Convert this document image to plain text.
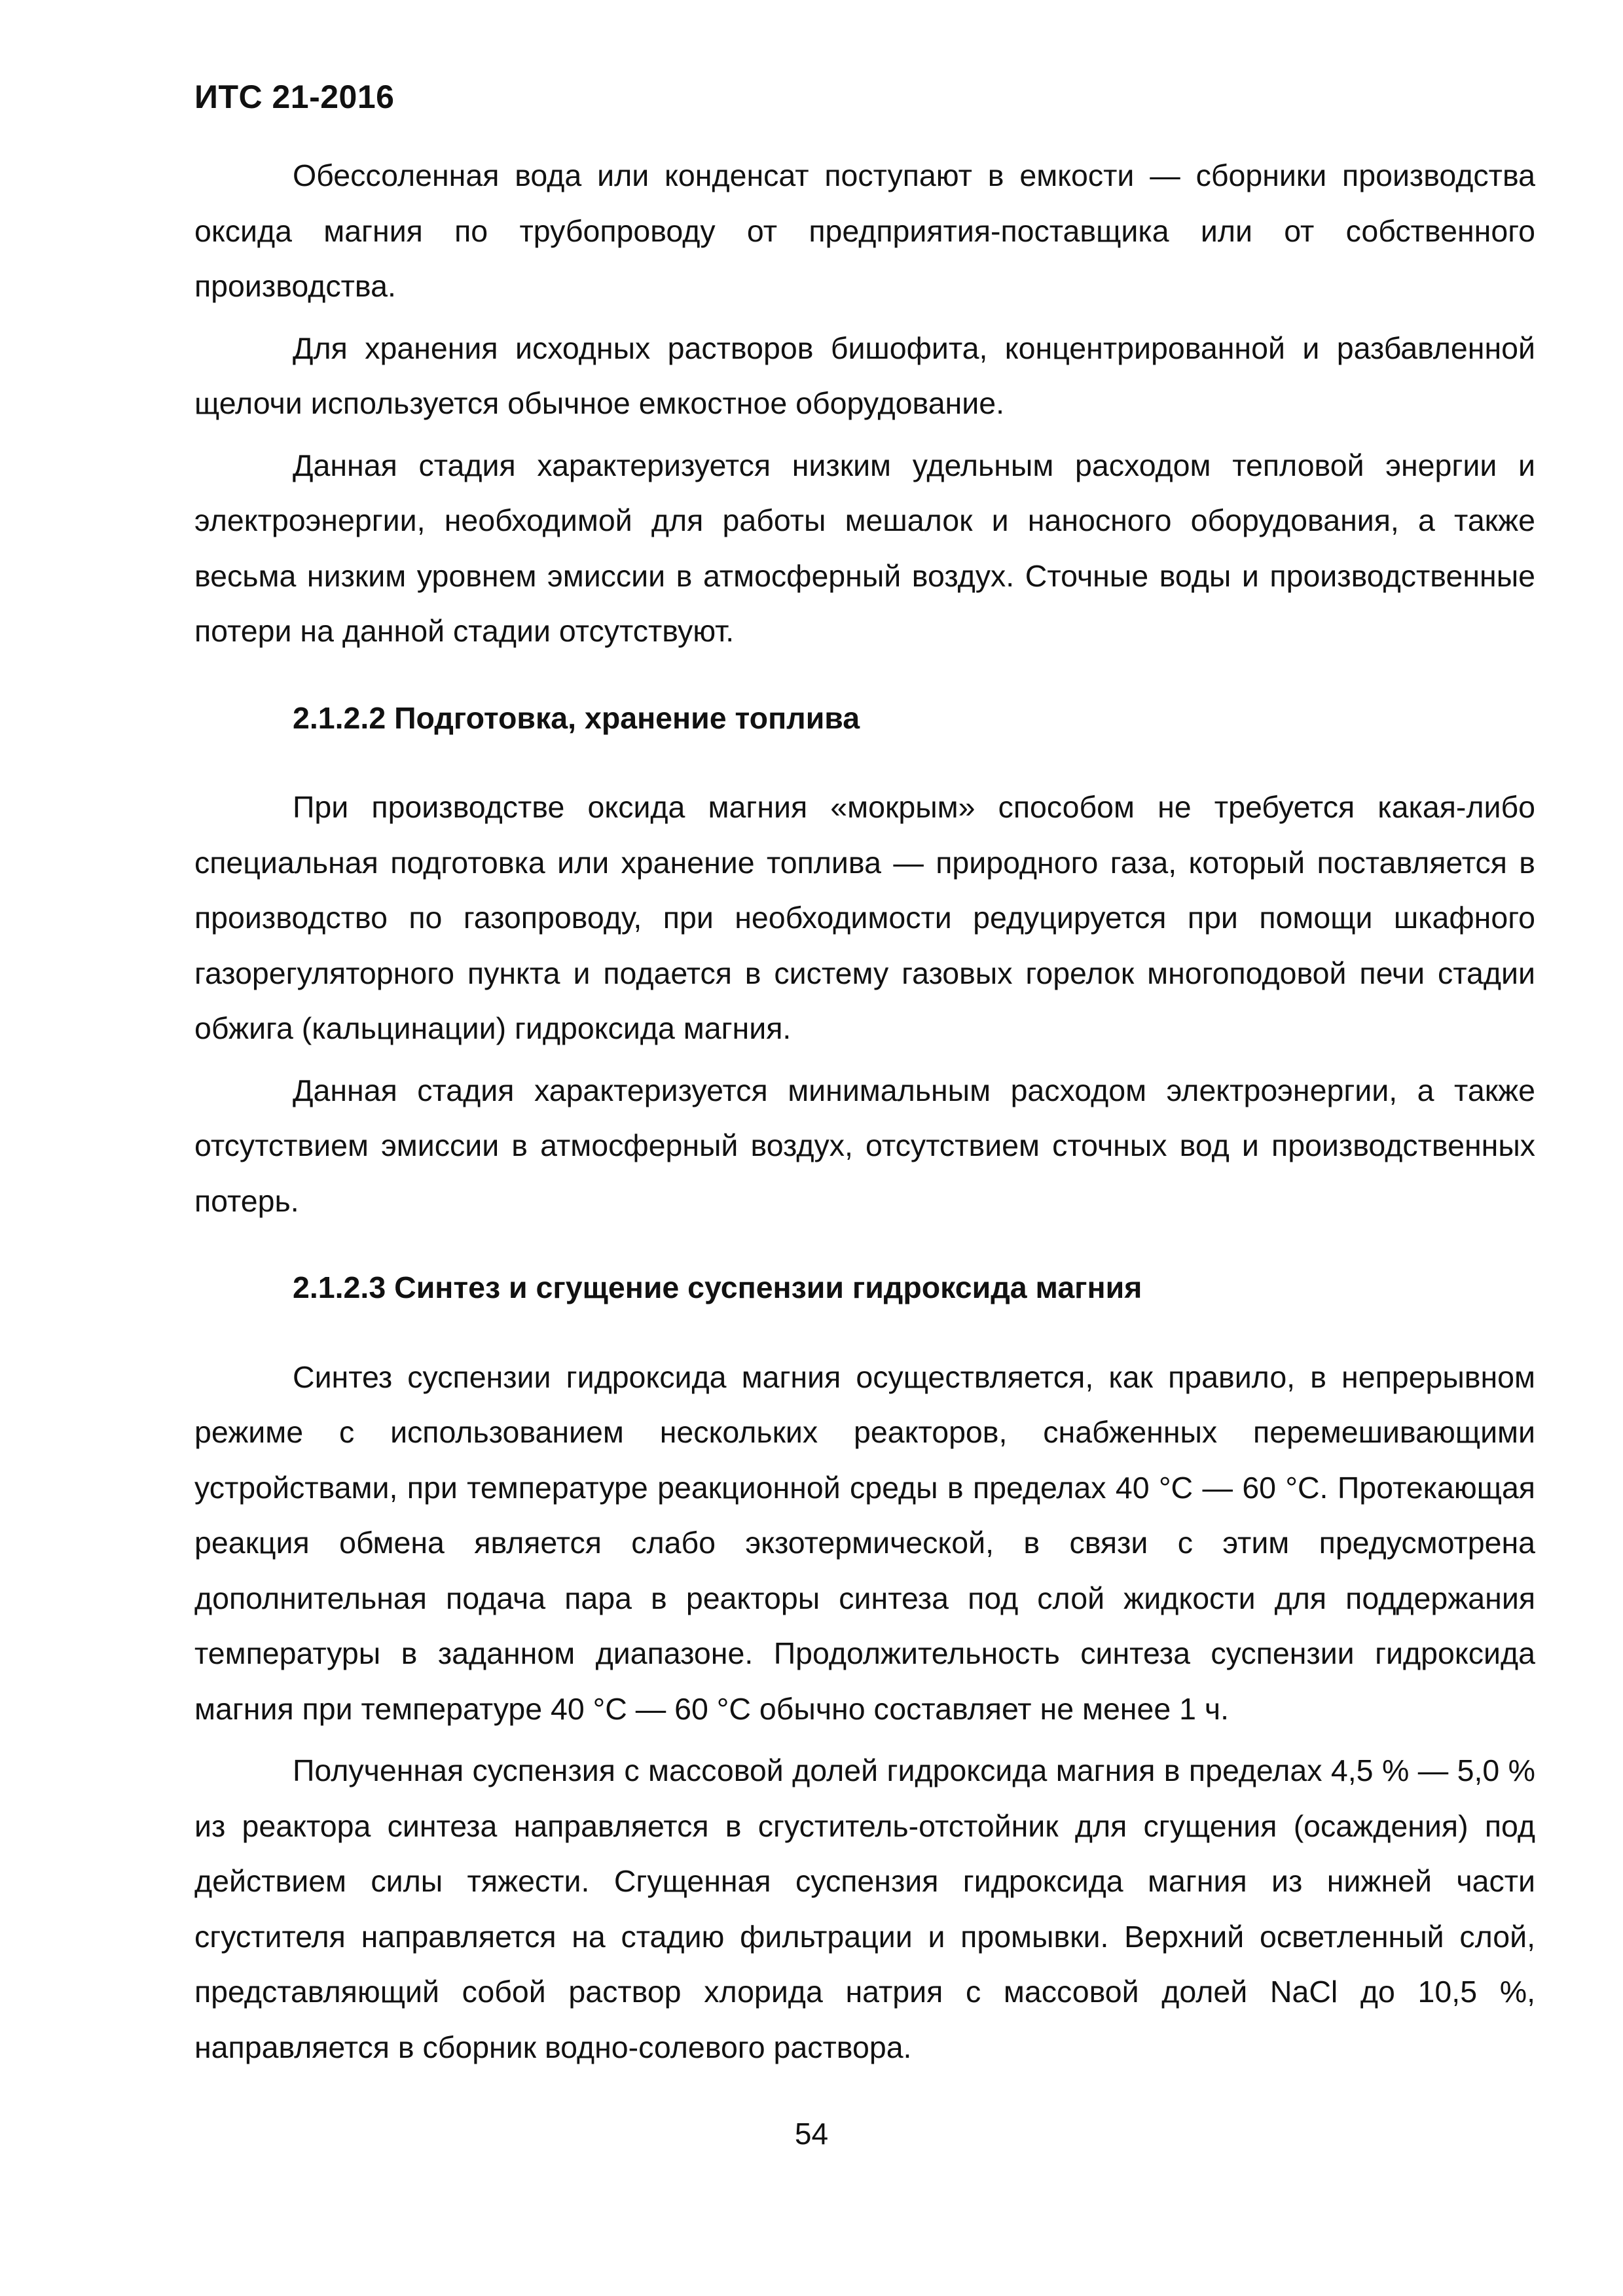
ИТС 21-2016

Обессоленная вода или конденсат поступают в емкости — сборники производства оксида магния по трубопроводу от предприятия-поставщика или от собственного производства.

Для хранения исходных растворов бишофита, концентрированной и разбавленной щелочи используется обычное емкостное оборудование.

Данная стадия характеризуется низким удельным расходом тепловой энергии и электроэнергии, необходимой для работы мешалок и наносного оборудования, а также весьма низким уровнем эмиссии в атмосферный воздух. Сточные воды и производственные потери на данной стадии отсутствуют.

2.1.2.2 Подготовка, хранение топлива

При производстве оксида магния «мокрым» способом не требуется какая-либо специальная подготовка или хранение топлива — природного газа, который поставляется в производство по газопроводу, при необходимости редуцируется при помощи шкафного газорегуляторного пункта и подается в систему газовых горелок многоподовой печи стадии обжига (кальцинации) гидроксида магния.

Данная стадия характеризуется минимальным расходом электроэнергии, а также отсутствием эмиссии в атмосферный воздух, отсутствием сточных вод и производственных потерь.

2.1.2.3 Синтез и сгущение суспензии гидроксида магния

Синтез суспензии гидроксида магния осуществляется, как правило, в непрерывном режиме с использованием нескольких реакторов, снабженных перемешивающими устройствами, при температуре реакционной среды в пределах 40 °С — 60 °С. Протекающая реакция обмена является слабо экзотермической, в связи с этим предусмотрена дополнительная подача пара в реакторы синтеза под слой жидкости для поддержания температуры в заданном диапазоне. Продолжительность синтеза суспензии гидроксида магния при температуре 40 °С — 60 °С обычно составляет не менее 1 ч.

Полученная суспензия с массовой долей гидроксида магния в пределах 4,5 % — 5,0 % из реактора синтеза направляется в сгуститель-отстойник для сгущения (осаждения) под действием силы тяжести. Сгущенная суспензия гидроксида магния из нижней части сгустителя направляется на стадию фильтрации и промывки. Верхний осветленный слой, представляющий собой раствор хлорида натрия с массовой долей NaCl до 10,5 %, направляется в сборник водно-солевого раствора.

54
